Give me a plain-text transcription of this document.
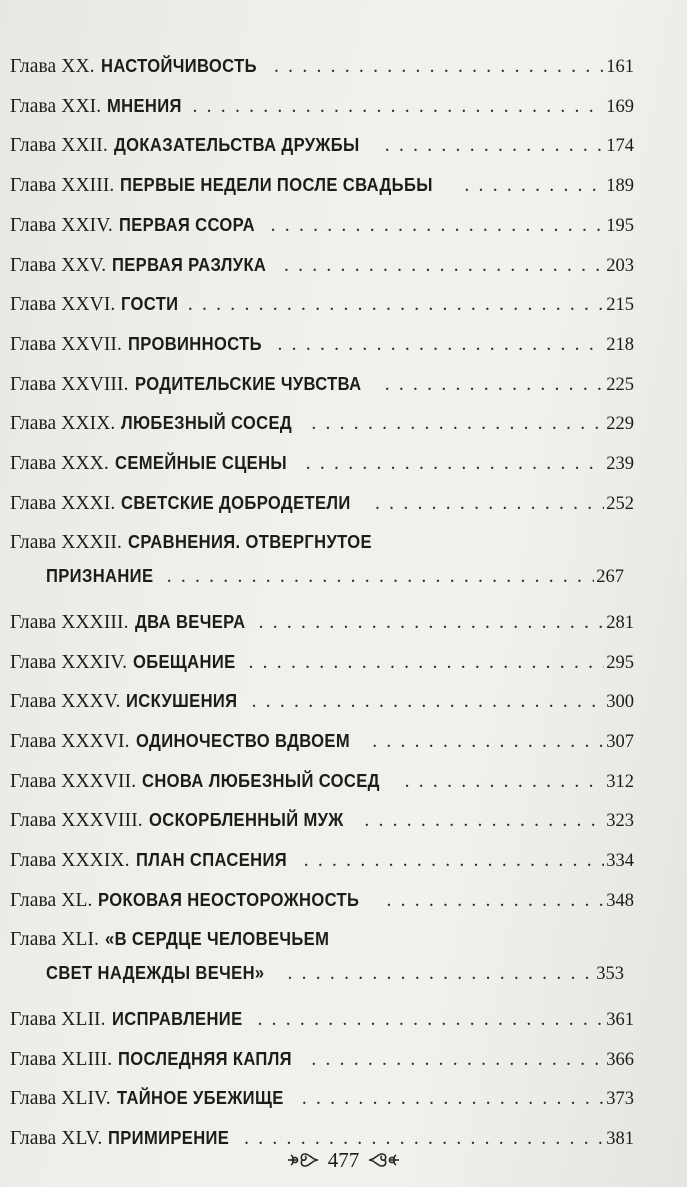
Глава XX. НАСТОЙЧИВОСТЬ . . .	161
Глава XXI. МНЕНИЯ . . .	169
Глава XXII. ДОКАЗАТЕЛЬСТВА ДРУЖБЫ . . .	174
Глава XXIII. ПЕРВЫЕ НЕДЕЛИ ПОСЛЕ СВАДЬБЫ . . .	189
Глава XXIV. ПЕРВАЯ ССОРА . . .	195
Глава XXV. ПЕРВАЯ РАЗЛУКА . . .	203
Глава XXVI. ГОСТИ . . .	215
Глава XXVII. ПРОВИННОСТЬ . . .	218
Глава XXVIII. РОДИТЕЛЬСКИЕ ЧУВСТВА . . .	225
Глава XXIX. ЛЮБЕЗНЫЙ СОСЕД . . .	229
Глава XXX. СЕМЕЙНЫЕ СЦЕНЫ . . .	239
Глава XXXI. СВЕТСКИЕ ДОБРОДЕТЕЛИ . . .	252
Глава XXXII. СРАВНЕНИЯ. ОТВЕРГНУТОЕ
ПРИЗНАНИЕ . . .	267
Глава XXXIII. ДВА ВЕЧЕРА . . .	281
Глава XXXIV. ОБЕЩАНИЕ . . .	295
Глава XXXV. ИСКУШЕНИЯ . . .	300
Глава XXXVI. ОДИНОЧЕСТВО ВДВОЕМ . . .	307
Глава XXXVII. СНОВА ЛЮБЕЗНЫЙ СОСЕД . . .	312
Глава XXXVIII. ОСКОРБЛЕННЫЙ МУЖ . . .	323
Глава XXXIX. ПЛАН СПАСЕНИЯ . . .	334
Глава XL. РОКОВАЯ НЕОСТОРОЖНОСТЬ . . .	348
Глава XLI. «В СЕРДЦЕ ЧЕЛОВЕЧЬЕМ
СВЕТ НАДЕЖДЫ ВЕЧЕН» . . .	353
Глава XLII. ИСПРАВЛЕНИЕ . . .	361
Глава XLIII. ПОСЛЕДНЯЯ КАПЛЯ . . .	366
Глава XLIV. ТАЙНОЕ УБЕЖИЩЕ . . .	373
Глава XLV. ПРИМИРЕНИЕ . . .	381
477
